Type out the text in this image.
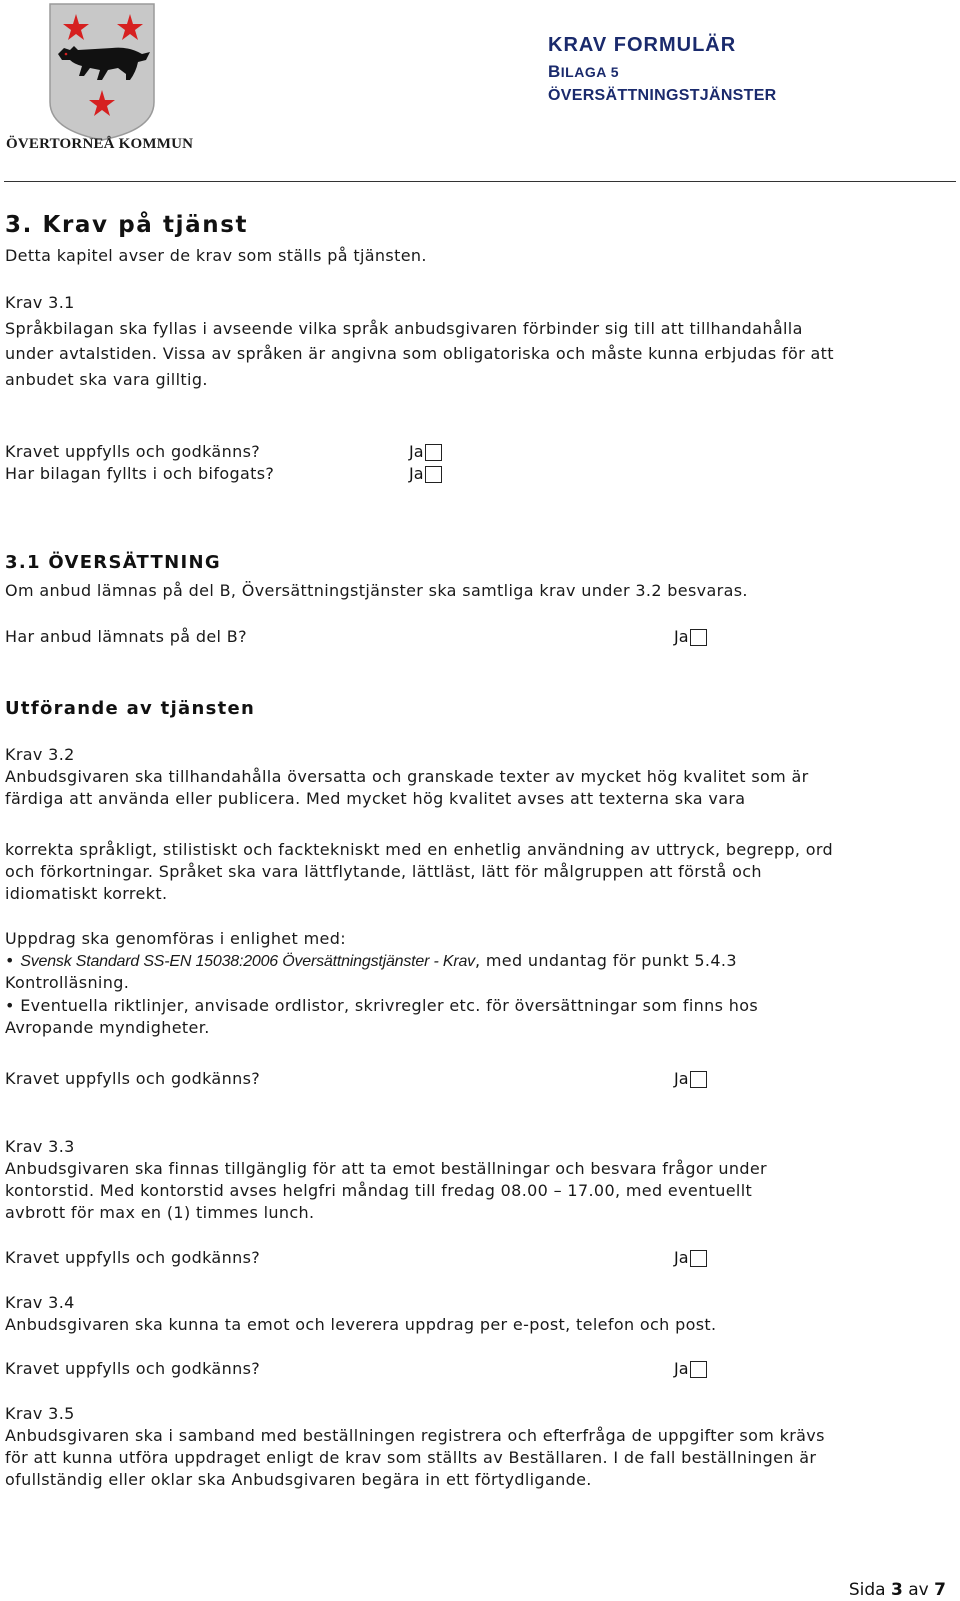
ÖVERTORNEÅ KOMMUN
KRAV FORMULÄR
BILAGA 5
ÖVERSÄTTNINGSTJÄNSTER
3. Krav på tjänst
Detta kapitel avser de krav som ställs på tjänsten.
Krav 3.1
Språkbilagan ska fyllas i avseende vilka språk anbudsgivaren förbinder sig till att tillhandahålla
under avtalstiden. Vissa av språken är angivna som obligatoriska och måste kunna erbjudas för att
anbudet ska vara gilltig.
Kravet uppfylls och godkänns?	Ja
Har bilagan fyllts i och bifogats?	Ja
3.1 ÖVERSÄTTNING
Om anbud lämnas på del B, Översättningstjänster ska samtliga krav under 3.2 besvaras.
Har anbud lämnats på del B?	Ja
Utförande av tjänsten
Krav 3.2
Anbudsgivaren ska tillhandahålla översatta och granskade texter av mycket hög kvalitet som är
färdiga att använda eller publicera. Med mycket hög kvalitet avses att texterna ska vara
korrekta språkligt, stilistiskt och facktekniskt med en enhetlig användning av uttryck, begrepp, ord
och förkortningar. Språket ska vara lättflytande, lättläst, lätt för målgruppen att förstå och
idiomatiskt korrekt.
Uppdrag ska genomföras i enlighet med:
• Svensk Standard SS-EN 15038:2006 Översättningstjänster - Krav, med undantag för punkt 5.4.3
Kontrolläsning.
• Eventuella riktlinjer, anvisade ordlistor, skrivregler etc. för översättningar som finns hos
Avropande myndigheter.
Kravet uppfylls och godkänns?	Ja
Krav 3.3
Anbudsgivaren ska finnas tillgänglig för att ta emot beställningar och besvara frågor under
kontorstid. Med kontorstid avses helgfri måndag till fredag 08.00 – 17.00, med eventuellt
avbrott för max en (1) timmes lunch.
Kravet uppfylls och godkänns?	Ja
Krav 3.4
Anbudsgivaren ska kunna ta emot och leverera uppdrag per e-post, telefon och post.
Kravet uppfylls och godkänns?	Ja
Krav 3.5
Anbudsgivaren ska i samband med beställningen registrera och efterfråga de uppgifter som krävs
för att kunna utföra uppdraget enligt de krav som ställts av Beställaren. I de fall beställningen är
ofullständig eller oklar ska Anbudsgivaren begära in ett förtydligande.
Sida 3 av 7
